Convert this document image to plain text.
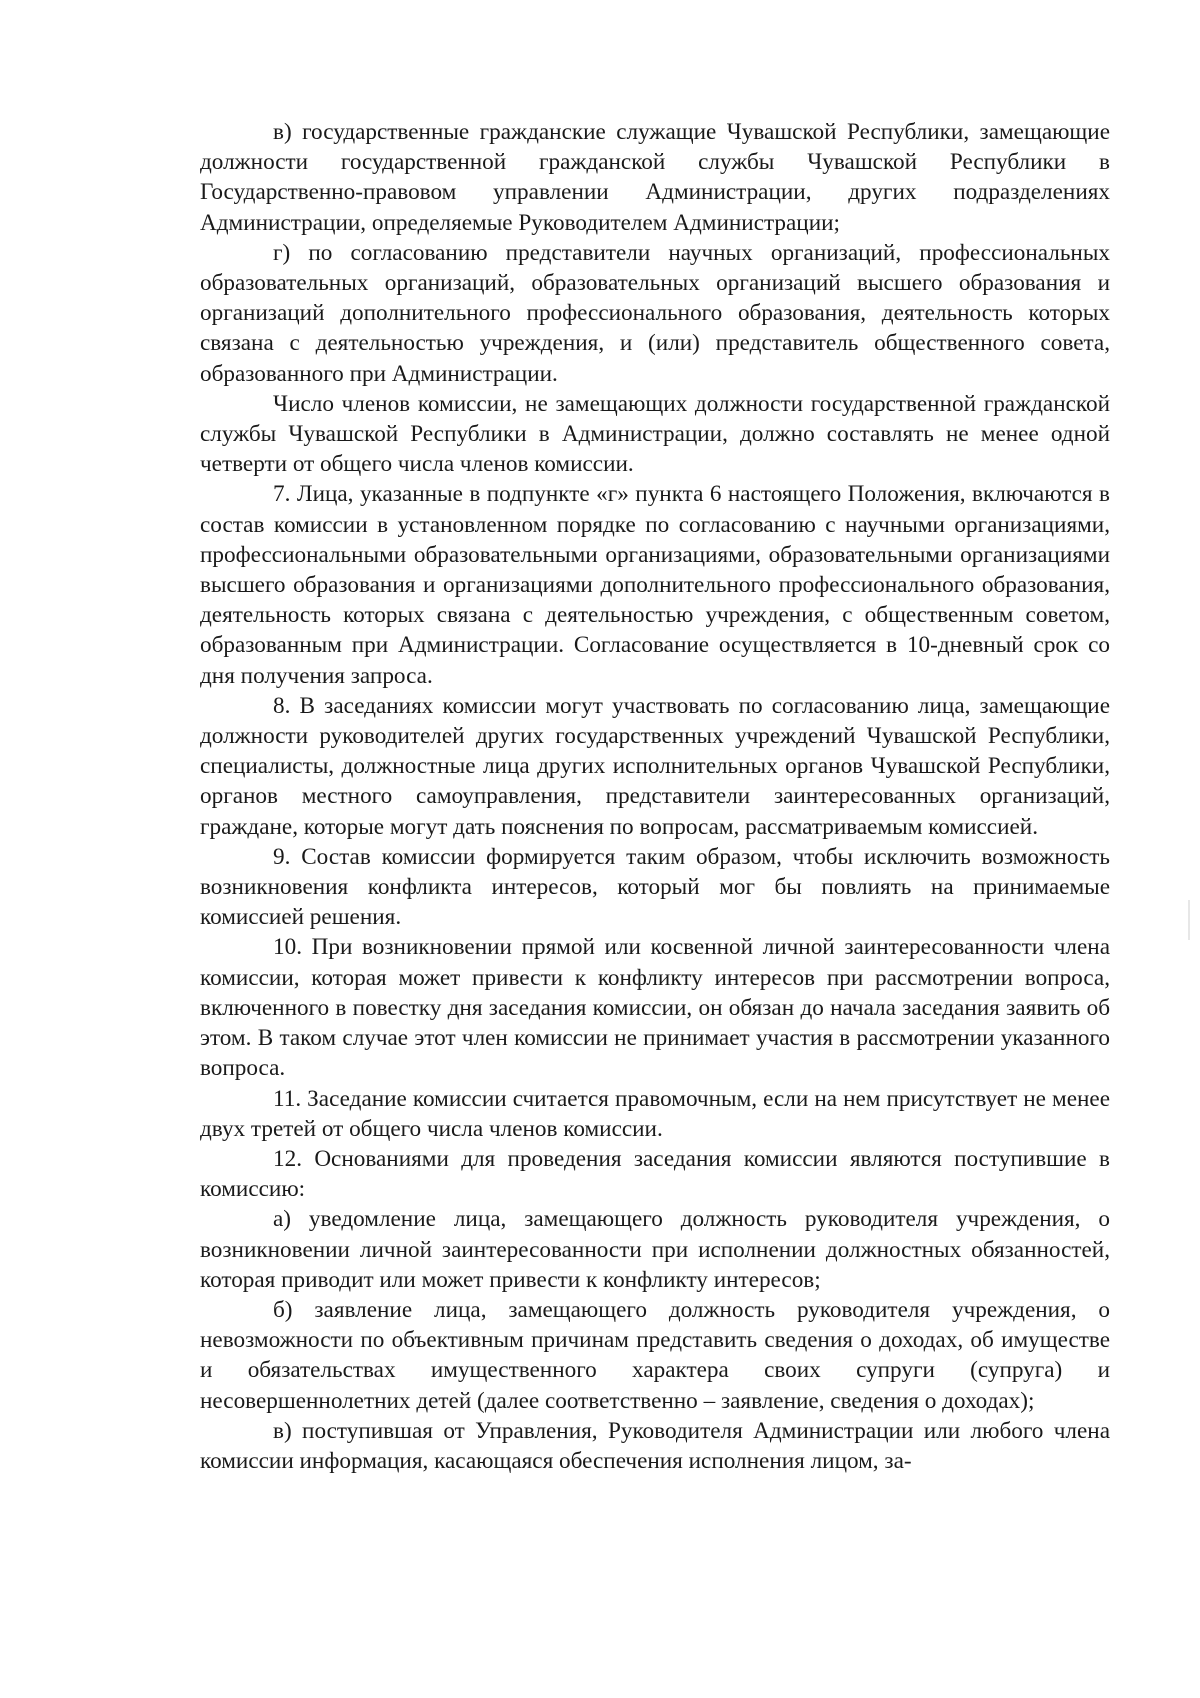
в) государственные гражданские служащие Чувашской Республики, замещающие должности государственной гражданской службы Чувашской Республики в Государственно-правовом управлении Администрации, других подразделениях Администрации, определяемые Руководителем Администрации;

г) по согласованию представители научных организаций, профессиональных образовательных организаций, образовательных организаций высшего образования и организаций дополнительного профессионального образования, деятельность которых связана с деятельностью учреждения, и (или) представитель общественного совета, образованного при Администрации.

Число членов комиссии, не замещающих должности государственной гражданской службы Чувашской Республики в Администрации, должно составлять не менее одной четверти от общего числа членов комиссии.

7. Лица, указанные в подпункте «г» пункта 6 настоящего Положения, включаются в состав комиссии в установленном порядке по согласованию с научными организациями, профессиональными образовательными организациями, образовательными организациями высшего образования и организациями дополнительного профессионального образования, деятельность которых связана с деятельностью учреждения, с общественным советом, образованным при Администрации. Согласование осуществляется в 10-дневный срок со дня получения запроса.

8. В заседаниях комиссии могут участвовать по согласованию лица, замещающие должности руководителей других государственных учреждений Чувашской Республики, специалисты, должностные лица других исполнительных органов Чувашской Республики, органов местного самоуправления, представители заинтересованных организаций, граждане, которые могут дать пояснения по вопросам, рассматриваемым комиссией.

9. Состав комиссии формируется таким образом, чтобы исключить возможность возникновения конфликта интересов, который мог бы повлиять на принимаемые комиссией решения.

10. При возникновении прямой или косвенной личной заинтересованности члена комиссии, которая может привести к конфликту интересов при рассмотрении вопроса, включенного в повестку дня заседания комиссии, он обязан до начала заседания заявить об этом. В таком случае этот член комиссии не принимает участия в рассмотрении указанного вопроса.

11. Заседание комиссии считается правомочным, если на нем присутствует не менее двух третей от общего числа членов комиссии.

12. Основаниями для проведения заседания комиссии являются поступившие в комиссию:

а) уведомление лица, замещающего должность руководителя учреждения, о возникновении личной заинтересованности при исполнении должностных обязанностей, которая приводит или может привести к конфликту интересов;

б) заявление лица, замещающего должность руководителя учреждения, о невозможности по объективным причинам представить сведения о доходах, об имуществе и обязательствах имущественного характера своих супруги (супруга) и несовершеннолетних детей (далее соответственно – заявление, сведения о доходах);

в) поступившая от Управления, Руководителя Администрации или любого члена комиссии информация, касающаяся обеспечения исполнения лицом, за-
